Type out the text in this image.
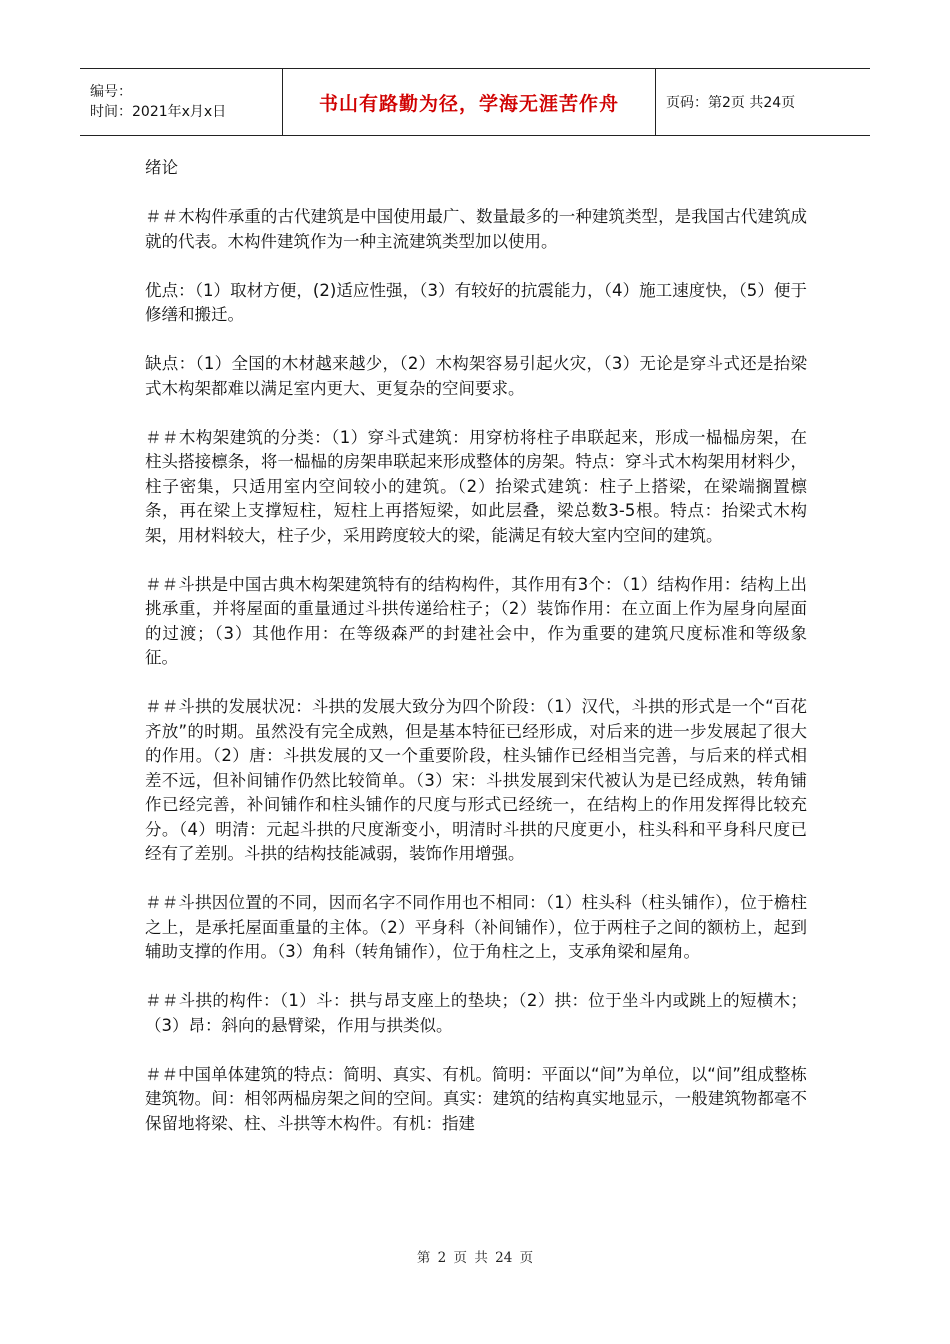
编号：
时间：2021年x月x日	书山有路勤为径，学海无涯苦作舟	页码：第2页 共24页

绪论

＃＃木构件承重的古代建筑是中国使用最广、数量最多的一种建筑类型，是我国古代建筑成就的代表。木构件建筑作为一种主流建筑类型加以使用。

优点：（1）取材方便，(2)适应性强，（3）有较好的抗震能力，（4）施工速度快，（5）便于修缮和搬迁。

缺点：（1）全国的木材越来越少，（2）木构架容易引起火灾，（3）无论是穿斗式还是抬梁式木构架都难以满足室内更大、更复杂的空间要求。

＃＃木构架建筑的分类：（1）穿斗式建筑：用穿枋将柱子串联起来，形成一榀榀房架，在柱头搭接檩条，将一榀榀的房架串联起来形成整体的房架。特点：穿斗式木构架用材料少，柱子密集，只适用室内空间较小的建筑。（2）抬梁式建筑：柱子上搭梁，在梁端搁置檩条，再在梁上支撑短柱，短柱上再搭短梁，如此层叠，梁总数3-5根。特点：抬梁式木构架，用材料较大，柱子少，采用跨度较大的梁，能满足有较大室内空间的建筑。

＃＃斗拱是中国古典木构架建筑特有的结构构件，其作用有3个：（1）结构作用：结构上出挑承重，并将屋面的重量通过斗拱传递给柱子；（2）装饰作用：在立面上作为屋身向屋面的过渡；（3）其他作用：在等级森严的封建社会中，作为重要的建筑尺度标准和等级象征。

＃＃斗拱的发展状况：斗拱的发展大致分为四个阶段：（1）汉代，斗拱的形式是一个“百花齐放”的时期。虽然没有完全成熟，但是基本特征已经形成，对后来的进一步发展起了很大的作用。（2）唐：斗拱发展的又一个重要阶段，柱头铺作已经相当完善，与后来的样式相差不远，但补间铺作仍然比较简单。（3）宋：斗拱发展到宋代被认为是已经成熟，转角铺作已经完善，补间铺作和柱头铺作的尺度与形式已经统一，在结构上的作用发挥得比较充分。（4）明清：元起斗拱的尺度渐变小，明清时斗拱的尺度更小，柱头科和平身科尺度已经有了差别。斗拱的结构技能减弱，装饰作用增强。

＃＃斗拱因位置的不同，因而名字不同作用也不相同：（1）柱头科（柱头铺作），位于檐柱之上，是承托屋面重量的主体。（2）平身科（补间铺作），位于两柱子之间的额枋上，起到辅助支撑的作用。（3）角科（转角铺作），位于角柱之上，支承角梁和屋角。

＃＃斗拱的构件：（1）斗：拱与昂支座上的垫块；（2）拱：位于坐斗内或跳上的短横木；（3）昂：斜向的悬臂梁，作用与拱类似。

＃＃中国单体建筑的特点：简明、真实、有机。简明：平面以“间”为单位，以“间”组成整栋建筑物。间：相邻两榀房架之间的空间。真实：建筑的结构真实地显示，一般建筑物都毫不保留地将梁、柱、斗拱等木构件。有机：指建

第 2 页 共 24 页
